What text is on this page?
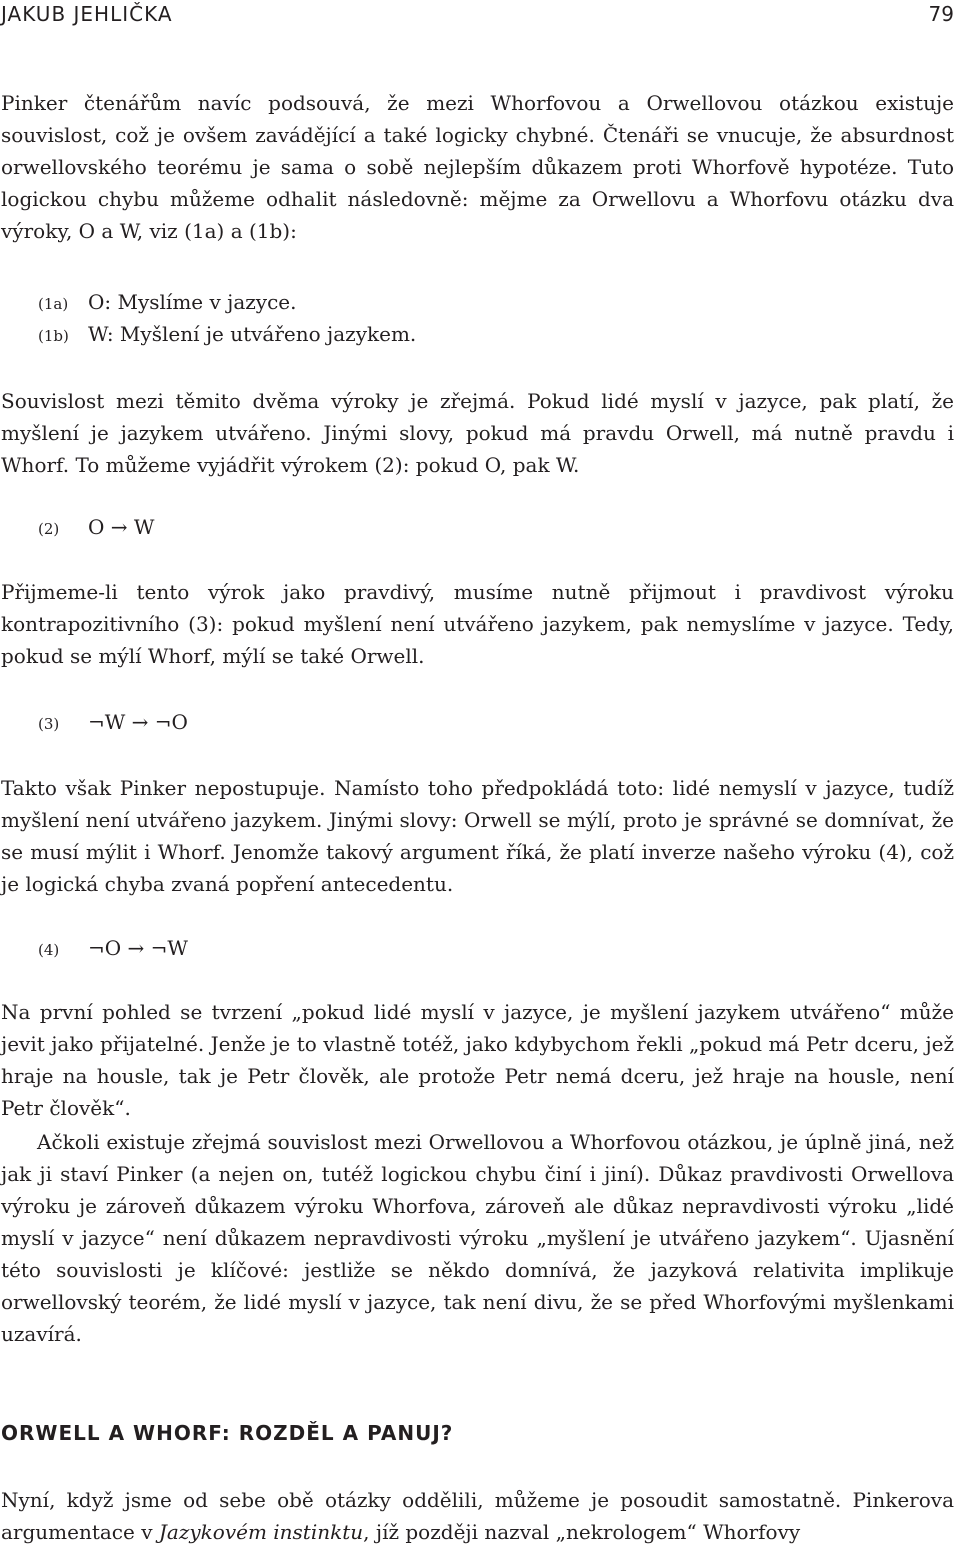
JAKUB JEHLIČKA	79

Pinker čtenářům navíc podsouvá, že mezi Whorfovou a Orwellovou otázkou existuje souvislost, což je ovšem zavádějící a také logicky chybné. Čtenáři se vnucuje, že absurdnost orwellovského teorému je sama o sobě nejlepším důkazem proti Whorfově hypotéze. Tuto logickou chybu můžeme odhalit následovně: mějme za Orwellovu a Whorfovu otázku dva výroky, O a W, viz (1a) a (1b):

(1a) O: Myslíme v jazyce.
(1b) W: Myšlení je utvářeno jazykem.

Souvislost mezi těmito dvěma výroky je zřejmá. Pokud lidé myslí v jazyce, pak platí, že myšlení je jazykem utvářeno. Jinými slovy, pokud má pravdu Orwell, má nutně pravdu i Whorf. To můžeme vyjádřit výrokem (2): pokud O, pak W.

(2) O → W

Přijmeme-li tento výrok jako pravdivý, musíme nutně přijmout i pravdivost výroku kontrapozitivního (3): pokud myšlení není utvářeno jazykem, pak nemyslíme v jazyce. Tedy, pokud se mýlí Whorf, mýlí se také Orwell.

(3) ¬W → ¬O

Takto však Pinker nepostupuje. Namísto toho předpokládá toto: lidé nemyslí v jazyce, tudíž myšlení není utvářeno jazykem. Jinými slovy: Orwell se mýlí, proto je správné se domnívat, že se musí mýlit i Whorf. Jenomže takový argument říká, že platí inverze našeho výroku (4), což je logická chyba zvaná popření antecedentu.

(4) ¬O → ¬W

Na první pohled se tvrzení „pokud lidé myslí v jazyce, je myšlení jazykem utvářeno“ může jevit jako přijatelné. Jenže je to vlastně totéž, jako kdybychom řekli „pokud má Petr dceru, jež hraje na housle, tak je Petr člověk, ale protože Petr nemá dceru, jež hraje na housle, není Petr člověk“.

Ačkoli existuje zřejmá souvislost mezi Orwellovou a Whorfovou otázkou, je úplně jiná, než jak ji staví Pinker (a nejen on, tutéž logickou chybu činí i jiní). Důkaz pravdivosti Orwellova výroku je zároveň důkazem výroku Whorfova, zároveň ale důkaz nepravdivosti výroku „lidé myslí v jazyce“ není důkazem nepravdivosti výroku „myšlení je utvářeno jazykem“. Ujasnění této souvislosti je klíčové: jestliže se někdo domnívá, že jazyková relativita implikuje orwellovský teorém, že lidé myslí v jazyce, tak není divu, že se před Whorfovými myšlenkami uzavírá.

ORWELL A WHORF: ROZDĚL A PANUJ?

Nyní, když jsme od sebe obě otázky oddělili, můžeme je posoudit samostatně. Pinkerova argumentace v Jazykovém instinktu, jíž později nazval „nekrologem“ Whorfovy
